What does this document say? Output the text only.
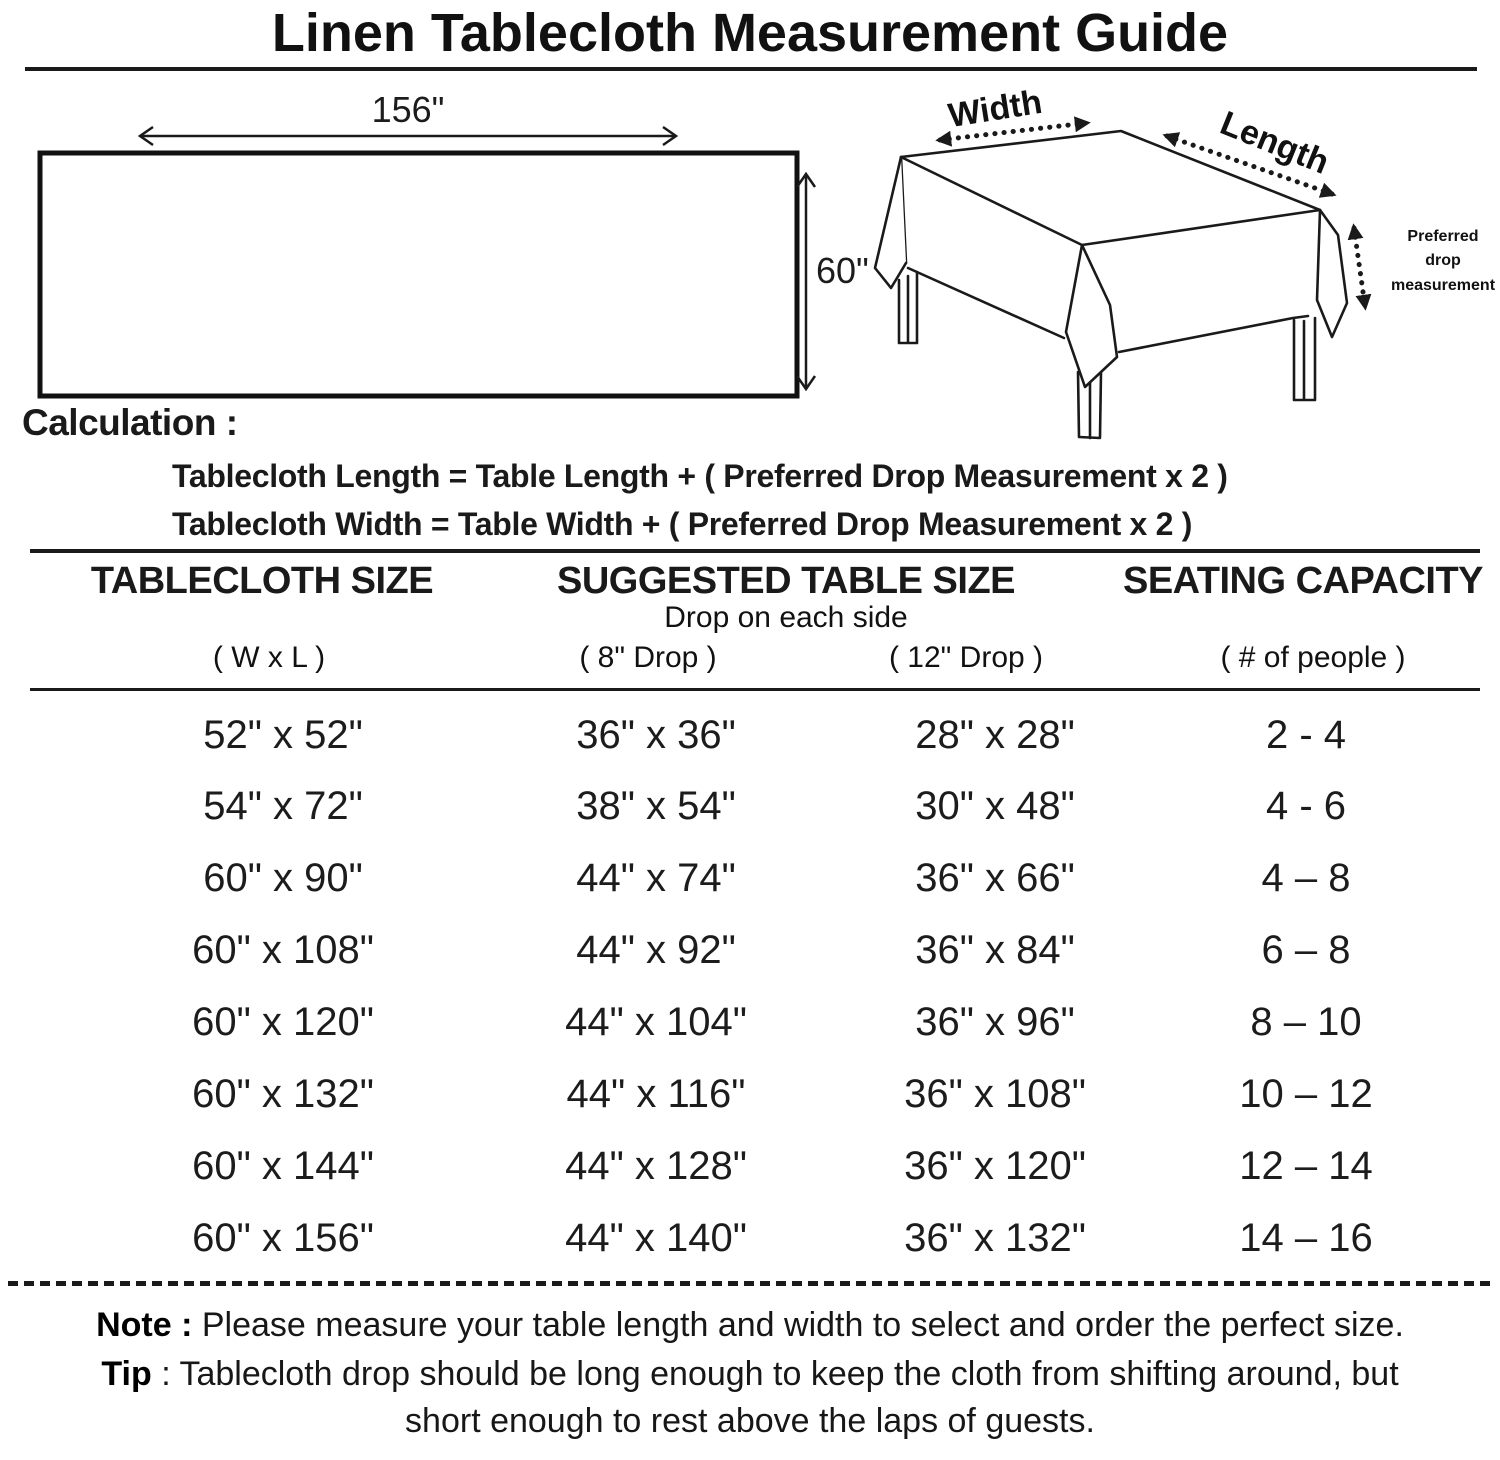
156"
60"
Width	Length
Preferred
drop
measurement
Linen Tablecloth Measurement Guide
Calculation :
Tablecloth Length = Table Length + ( Preferred Drop Measurement x 2 )
Tablecloth Width = Table Width + ( Preferred Drop Measurement x 2 )
TABLECLOTH SIZE	SUGGESTED TABLE SIZE	SEATING CAPACITY
Drop on each side
( W x L )	( 8" Drop )	( 12" Drop )	( # of people )
52" x 52"	36" x 36"	28" x 28"	2 - 4
54" x 72"	38" x 54"	30" x 48"	4 - 6
60" x 90"	44" x 74"	36" x 66"	4 – 8
60" x 108"	44" x 92"	36" x 84"	6 – 8
60" x 120"	44" x 104"	36" x 96"	8 – 10
60" x 132"	44" x 116"	36" x 108"	10 – 12
60" x 144"	44" x 128"	36" x 120"	12 – 14
60" x 156"	44" x 140"	36" x 132"	14 – 16
Note : Please measure your table length and width to select and order the perfect size.
Tip : Tablecloth drop should be long enough to keep the cloth from shifting around, but
short enough to rest above the laps of guests.
